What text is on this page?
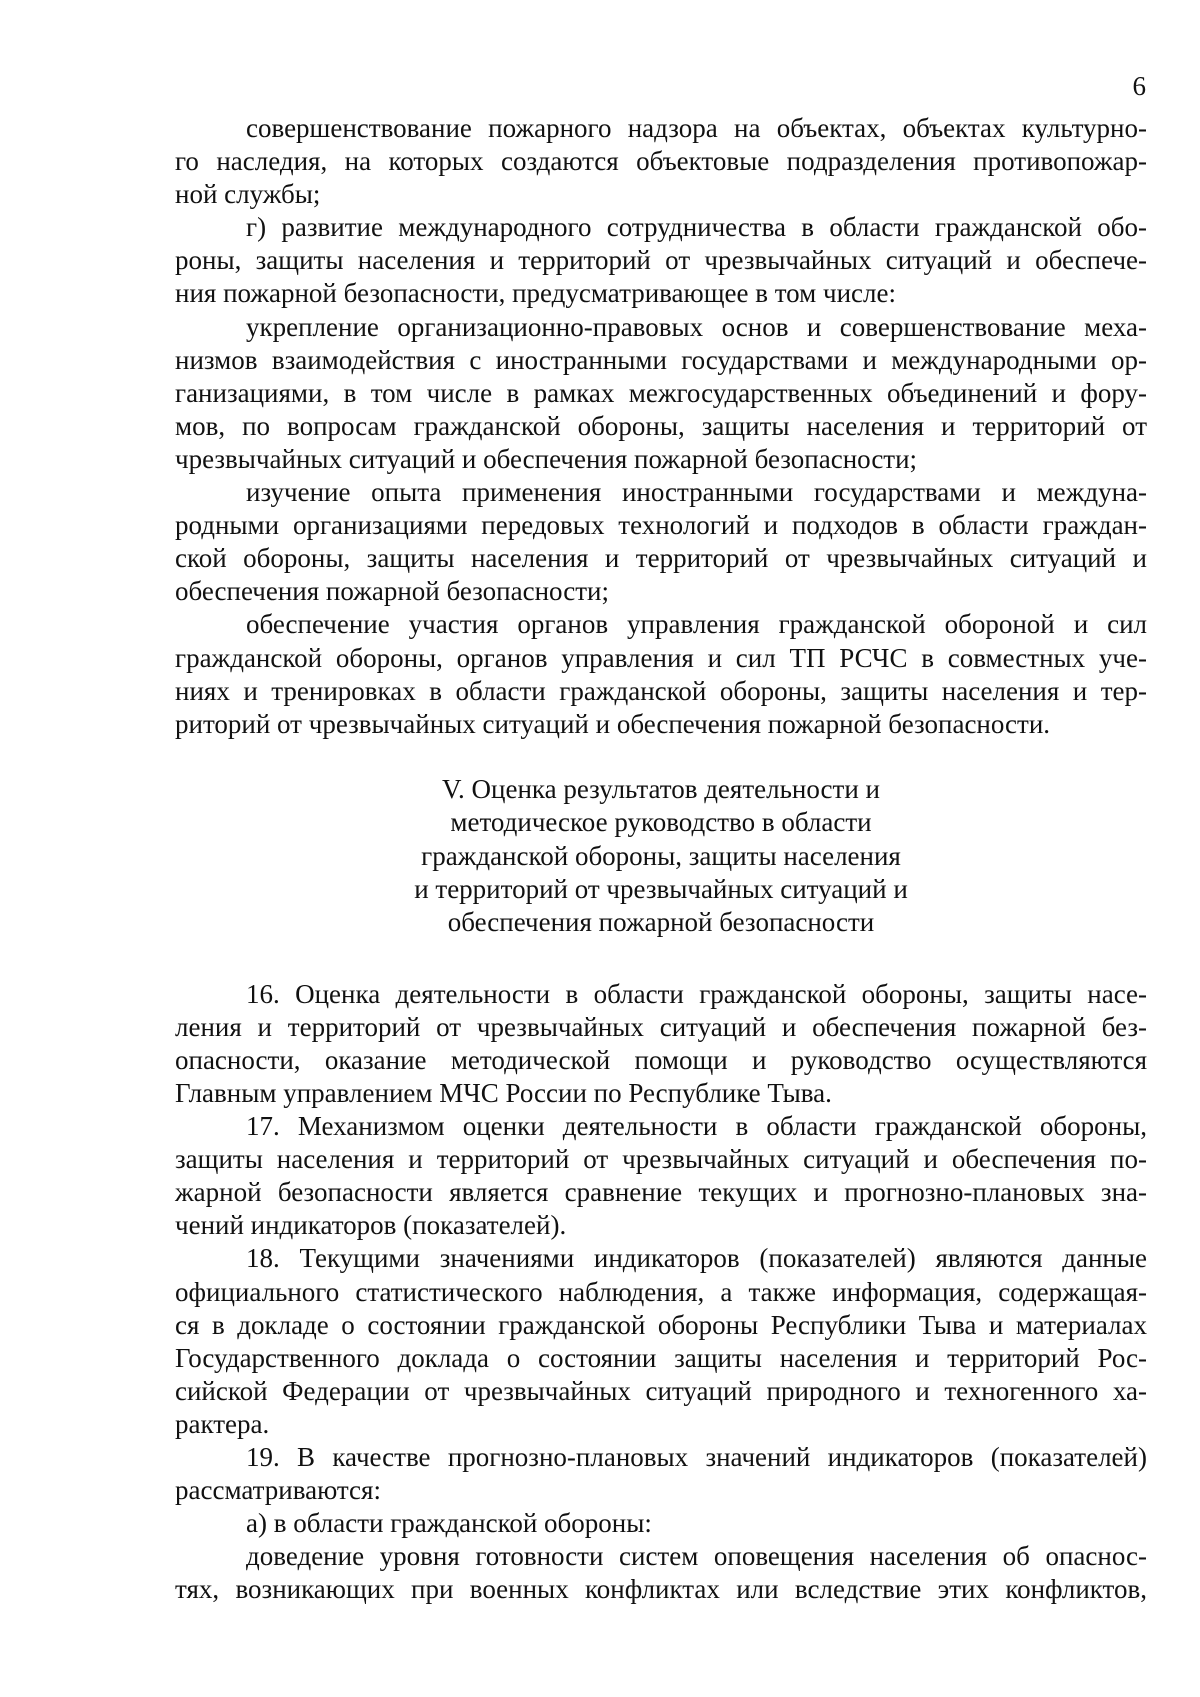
6
совершенствование пожарного надзора на объектах, объектах культурно-
го наследия, на которых создаются объектовые подразделения противопожар-
ной службы;
г) развитие международного сотрудничества в области гражданской обо-
роны, защиты населения и территорий от чрезвычайных ситуаций и обеспече-
ния пожарной безопасности, предусматривающее в том числе:
укрепление организационно-правовых основ и совершенствование меха-
низмов взаимодействия с иностранными государствами и международными ор-
ганизациями, в том числе в рамках межгосударственных объединений и фору-
мов, по вопросам гражданской обороны, защиты населения и территорий от
чрезвычайных ситуаций и обеспечения пожарной безопасности;
изучение опыта применения иностранными государствами и междуна-
родными организациями передовых технологий и подходов в области граждан-
ской обороны, защиты населения и территорий от чрезвычайных ситуаций и
обеспечения пожарной безопасности;
обеспечение участия органов управления гражданской обороной и сил
гражданской обороны, органов управления и сил ТП РСЧС в совместных уче-
ниях и тренировках в области гражданской обороны, защиты населения и тер-
риторий от чрезвычайных ситуаций и обеспечения пожарной безопасности.
V. Оценка результатов деятельности и
методическое руководство в области
гражданской обороны, защиты населения
и территорий от чрезвычайных ситуаций и
обеспечения пожарной безопасности
16. Оценка деятельности в области гражданской обороны, защиты насе-
ления и территорий от чрезвычайных ситуаций и обеспечения пожарной без-
опасности, оказание методической помощи и руководство осуществляются
Главным управлением МЧС России по Республике Тыва.
17. Механизмом оценки деятельности в области гражданской обороны,
защиты населения и территорий от чрезвычайных ситуаций и обеспечения по-
жарной безопасности является сравнение текущих и прогнозно-плановых зна-
чений индикаторов (показателей).
18. Текущими значениями индикаторов (показателей) являются данные
официального статистического наблюдения, а также информация, содержащая-
ся в докладе о состоянии гражданской обороны Республики Тыва и материалах
Государственного доклада о состоянии защиты населения и территорий Рос-
сийской Федерации от чрезвычайных ситуаций природного и техногенного ха-
рактера.
19. В качестве прогнозно-плановых значений индикаторов (показателей)
рассматриваются:
а) в области гражданской обороны:
доведение уровня готовности систем оповещения населения об опаснос-
тях, возникающих при военных конфликтах или вследствие этих конфликтов,
